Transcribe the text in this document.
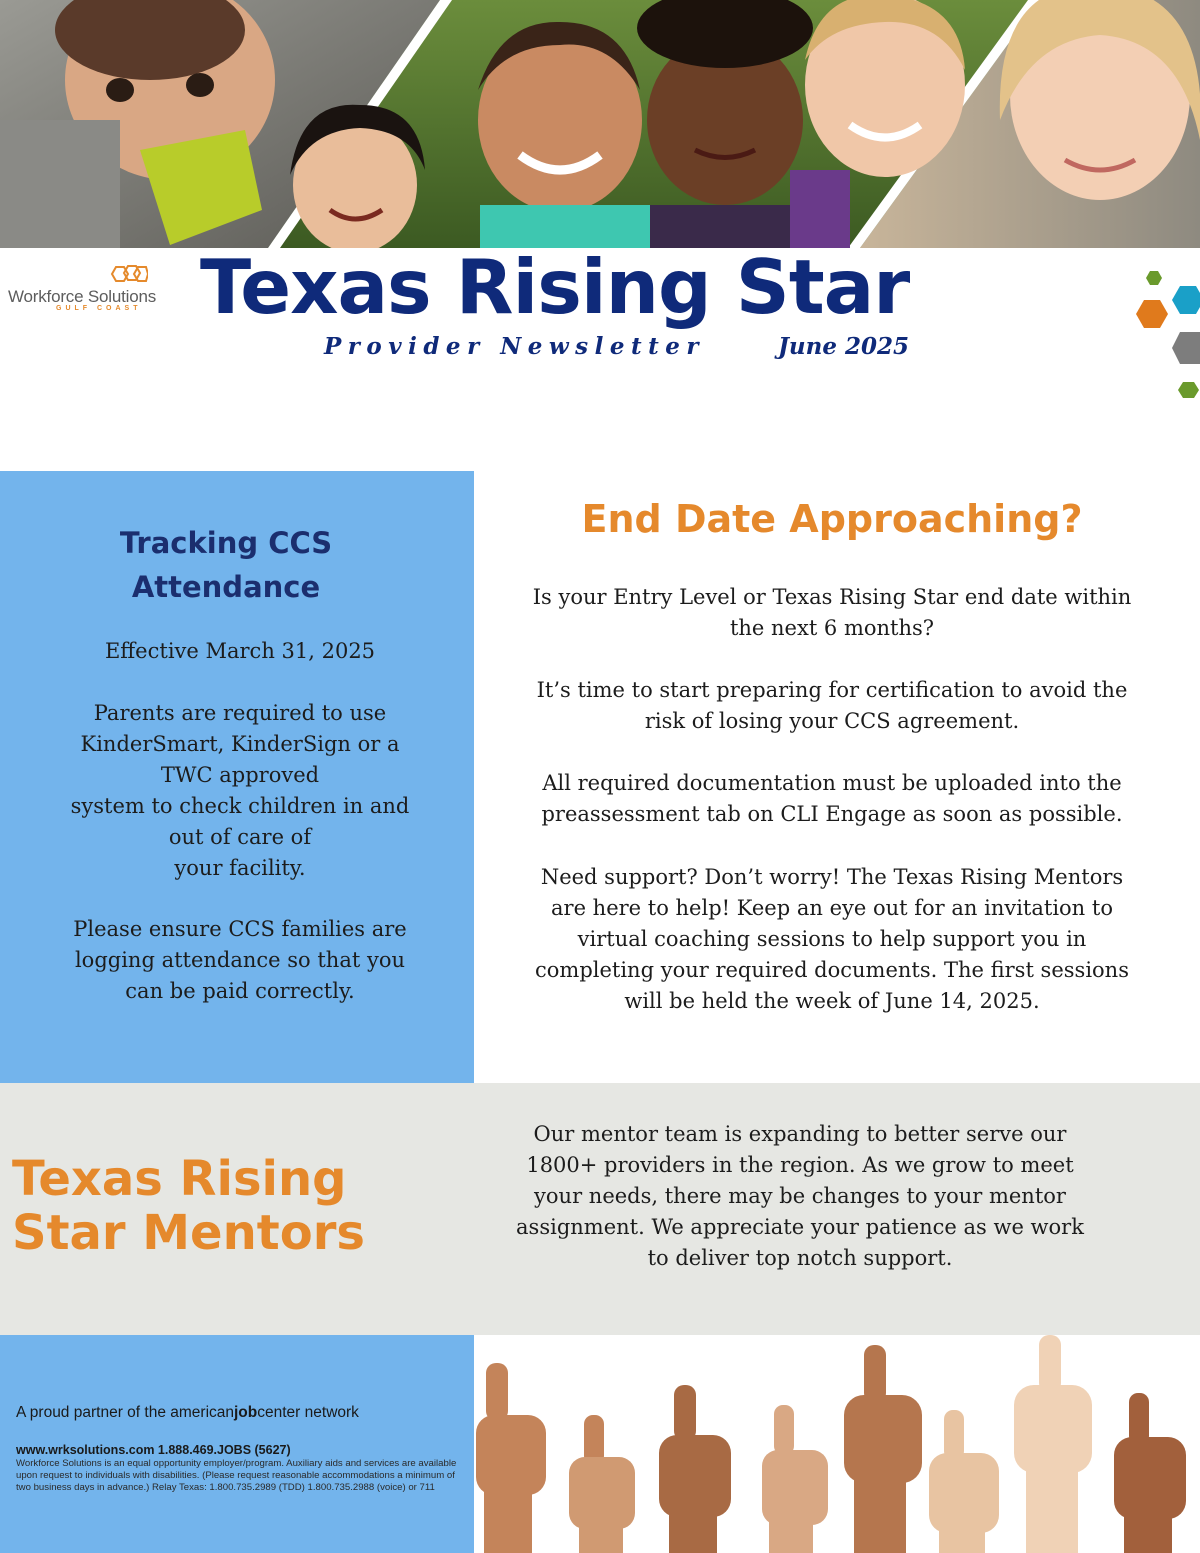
Workforce Solutions
GULF COAST Texas Rising Star
Provider Newsletter	June 2025
Tracking CCS
Attendance
Effective March 31, 2025
Parents are required to use
KinderSmart, KinderSign or a
TWC approved
system to check children in and
out of care of
your facility.
Please ensure CCS families are
logging attendance so that you
can be paid correctly.
End Date Approaching?
Is your Entry Level or Texas Rising Star end date within
the next 6 months?
It’s time to start preparing for certification to avoid the
risk of losing your CCS agreement.
All required documentation must be uploaded into the
preassessment tab on CLI Engage as soon as possible.
Need support? Don’t worry! The Texas Rising Mentors
are here to help! Keep an eye out for an invitation to
virtual coaching sessions to help support you in
completing your required documents. The first sessions
will be held the week of June 14, 2025.
Texas Rising
Star Mentors
Our mentor team is expanding to better serve our
1800+ providers in the region. As we grow to meet
your needs, there may be changes to your mentor
assignment. We appreciate your patience as we work
to deliver top notch support.
A proud partner of the americanjobcenter network
www.wrksolutions.com 1.888.469.JOBS (5627)
Workforce Solutions is an equal opportunity employer/program. Auxiliary aids and services are available upon request to individuals with disabilities. (Please request reasonable accommodations a minimum of two business days in advance.) Relay Texas: 1.800.735.2989 (TDD) 1.800.735.2988 (voice) or 711
